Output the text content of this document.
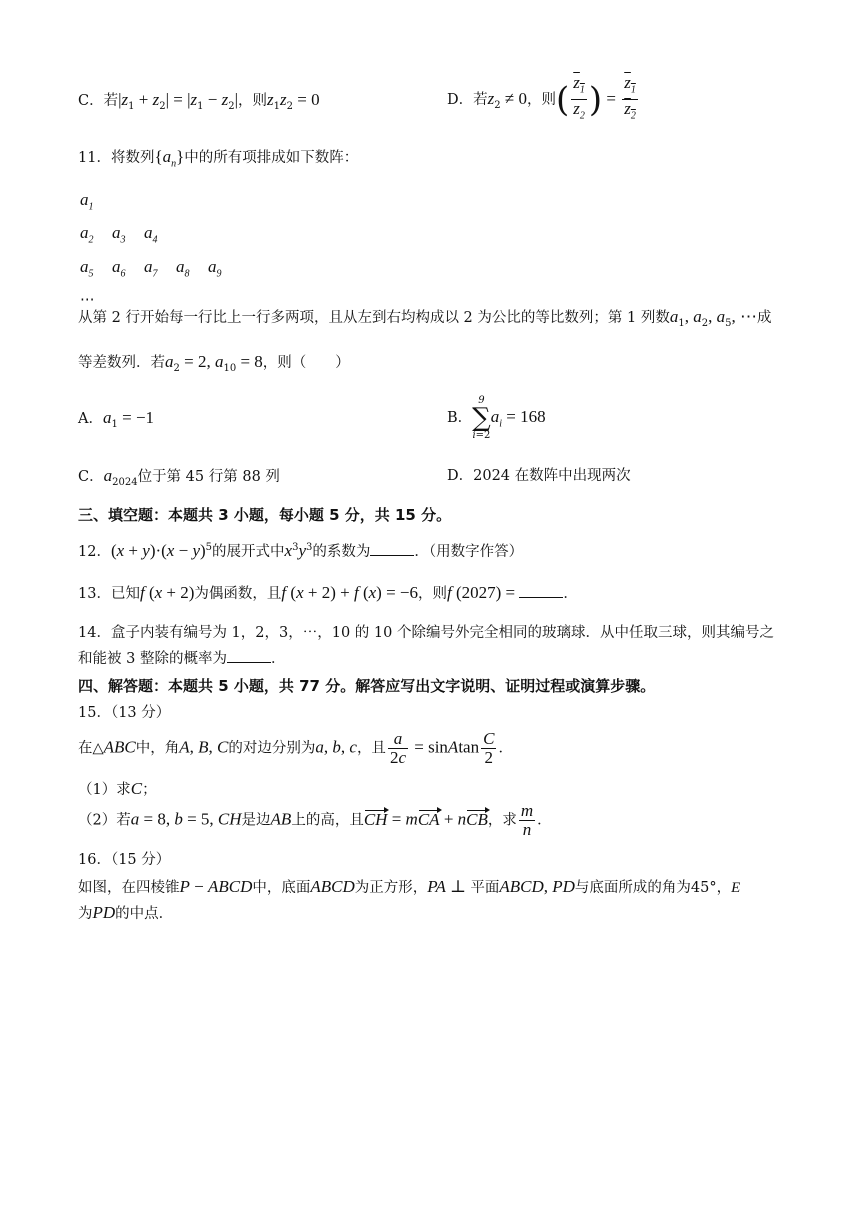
C．若$|z_1 + z_2| = |z_1 - z_2|$，则$z_1z_2 = 0$	D．若$z_2 \ne 0$，则( $\frac{z_1}{z_2}$ ) = $\frac{z_1}{z_2}$
11．将数列$\{a_n\}$中的所有项排成如下数阵：
$a_1$
$a_2$ $a_3$ $a_4$
$a_5$ $a_6$ $a_7$ $a_8$ $a_9$
⋯
从第 2 行开始每一行比上一行多两项，且从左到右均构成以 2 为公比的等比数列；第 1 列数$a_1$, $a_2$, $a_5$, ⋯成
等差数列．若$a_2 = 2$, $a_{10} = 8$，则（　　）
A．$a_1 = -1$	B．
9
∑
i=2
$a_i = 168$
C．$a_{2024}$位于第 45 行第 88 列	D．2024 在数阵中出现两次
三、填空题：本题共 3 小题，每小题 5 分，共 15 分。
12．$(x + y)\cdot(x - y)^5$的展开式中$x^3y^3$的系数为	．（用数字作答）
13．已知f (x + 2)为偶函数，且f (x + 2) + f (x) = −6，则f (2027) =	．
14．盒子内装有编号为 1，2，3，⋯，10 的 10 个除编号外完全相同的玻璃球．从中任取三球，则其编号之
和能被 3 整除的概率为	．
四、解答题：本题共 5 小题，共 77 分。解答应写出文字说明、证明过程或演算步骤。
15．（13 分）
在△ABC中，角A, B, C的对边分别为a, b, c，且 $\frac{a}{2c}$ = sinAtan $\frac{C}{2}$ ．
（1）求C；
（2）若a = 8, b = 5, CH是边AB上的高，且CH = mCA + nCB，求 $\frac{m}{n}$ ．
16．（15 分）
如图，在四棱锥P − ABCD中，底面ABCD为正方形，PA ⊥ 平面ABCD, PD与底面所成的角为45°，E
为PD的中点．
